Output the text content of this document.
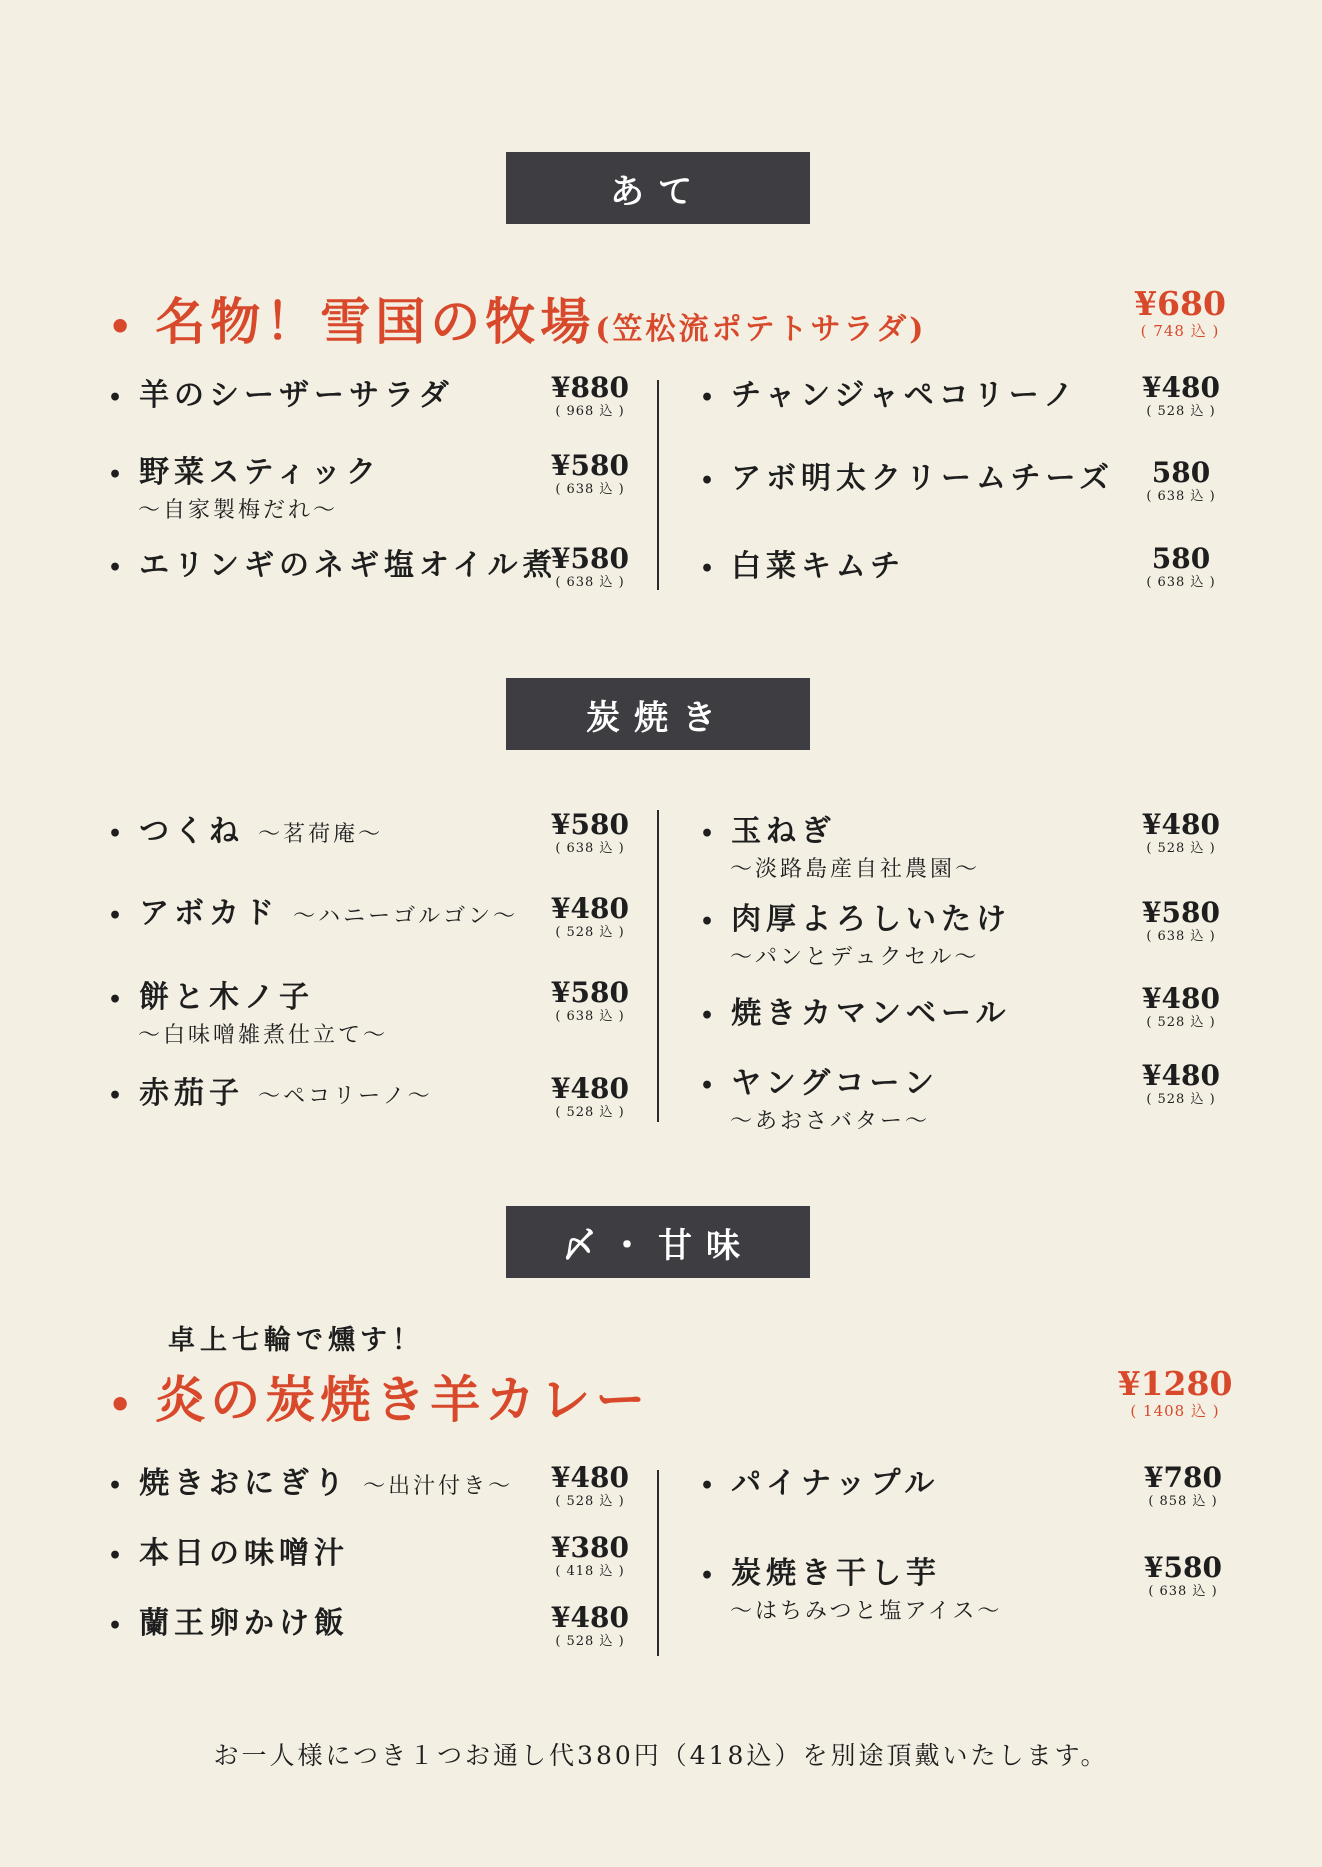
あて
• 名物！雪国の牧場(笠松流ポテトサラダ)
¥680
( 748 込 )
• 羊のシーザーサラダ	¥880
( 968 込 )
• 野菜スティック
〜自家製梅だれ〜
¥580
( 638 込 )
• エリンギのネギ塩オイル煮
¥580
( 638 込 )
• チャンジャペコリーノ	¥480
( 528 込 )
• アボ明太クリームチーズ	580
( 638 込 )
• 白菜キムチ	580
( 638 込 )
炭焼き
• つくね 〜茗荷庵〜	¥580
( 638 込 )
• アボカド 〜ハニーゴルゴン〜	¥480
( 528 込 )
• 餅と木ノ子
〜白味噌雑煮仕立て〜
¥580
( 638 込 )
• 赤茄子 〜ペコリーノ〜	¥480
( 528 込 )
• 玉ねぎ
〜淡路島産自社農園〜
¥480
( 528 込 )
• 肉厚よろしいたけ
〜パンとデュクセル〜
¥580
( 638 込 )
• 焼きカマンベール	¥480
( 528 込 )
• ヤングコーン
〜あおさバター〜
¥480
( 528 込 )
〆・甘味
卓上七輪で燻す！
• 炎の炭焼き羊カレー	¥1280
( 1408 込 )
• 焼きおにぎり 〜出汁付き〜	¥480
( 528 込 )
• 本日の味噌汁	¥380
( 418 込 )
• 蘭王卵かけ飯	¥480
( 528 込 )
• パイナップル	¥780
( 858 込 )
• 炭焼き干し芋
〜はちみつと塩アイス〜
¥580
( 638 込 )
お一人様につき１つお通し代380円（418込）を別途頂戴いたします。
